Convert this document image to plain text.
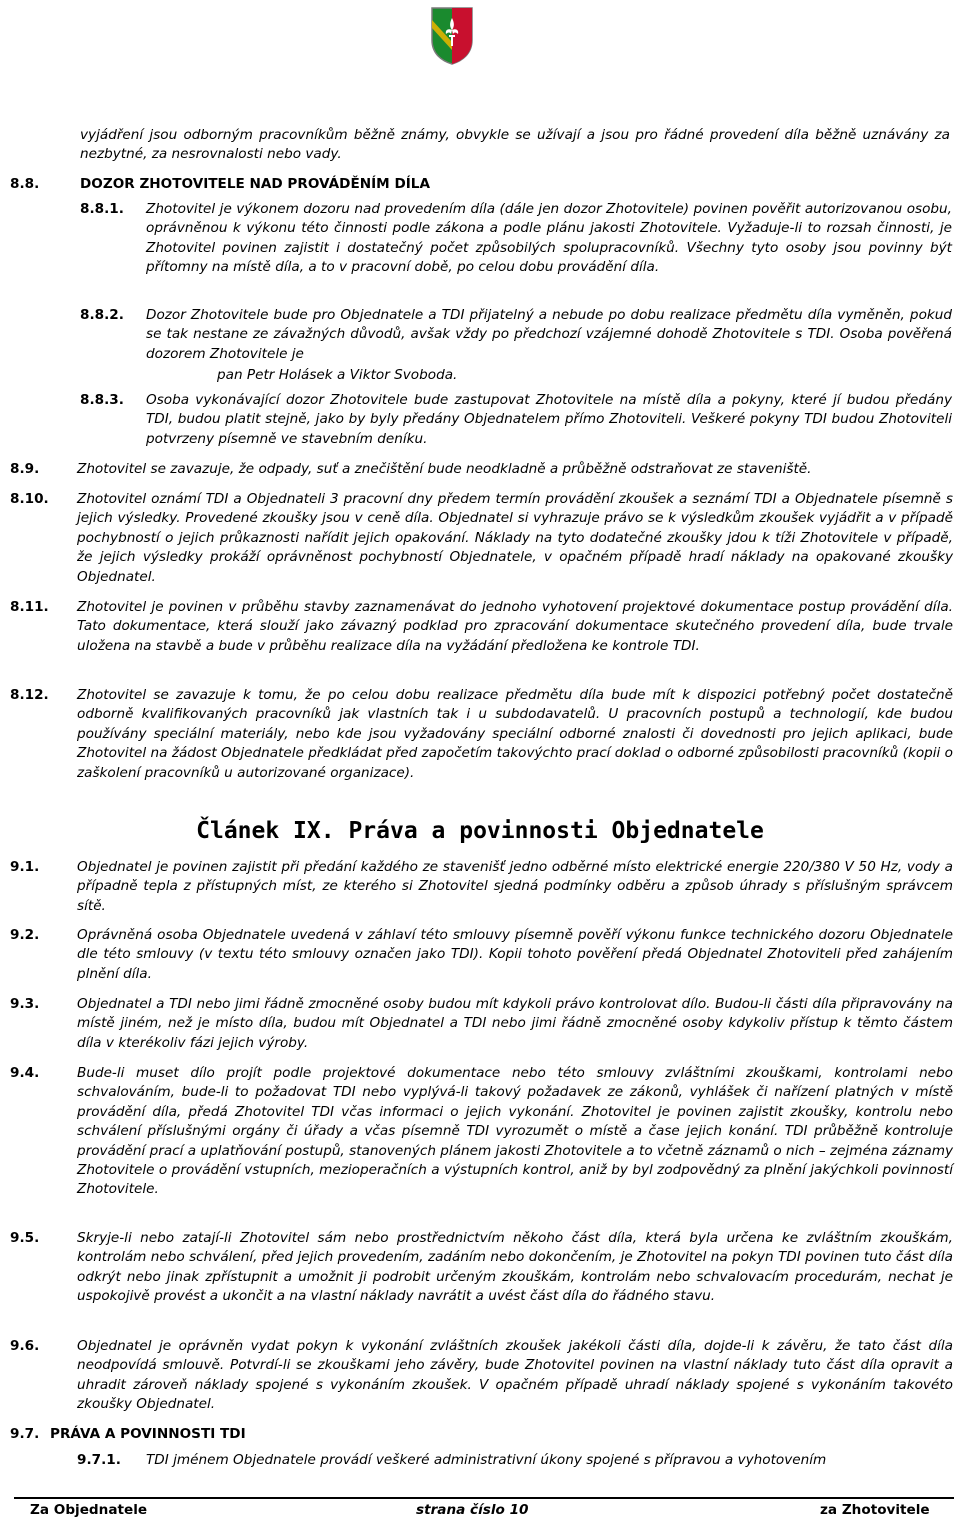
vyjádření jsou odborným pracovníkům běžně známy, obvykle se užívají a jsou pro řádné provedení díla běžně uznávány za nezbytné, za nesrovnalosti nebo vady.
8.8.	DOZOR ZHOTOVITELE NAD PROVÁDĚNÍM DÍLA
8.8.1. Zhotovitel je výkonem dozoru nad provedením díla (dále jen dozor Zhotovitele) povinen pověřit autorizovanou osobu, oprávněnou k výkonu této činnosti podle zákona a podle plánu jakosti Zhotovitele. Vyžaduje-li to rozsah činnosti, je Zhotovitel povinen zajistit i dostatečný počet způsobilých spolupracovníků. Všechny tyto osoby jsou povinny být přítomny na místě díla, a to v pracovní době, po celou dobu provádění díla.
8.8.2. Dozor Zhotovitele bude pro Objednatele a TDI přijatelný a nebude po dobu realizace předmětu díla vyměněn, pokud se tak nestane ze závažných důvodů, avšak vždy po předchozí vzájemné dohodě Zhotovitele s TDI. Osoba pověřená dozorem Zhotovitele je
pan Petr Holásek a Viktor Svoboda.
8.8.3. Osoba vykonávající dozor Zhotovitele bude zastupovat Zhotovitele na místě díla a pokyny, které jí budou předány TDI, budou platit stejně, jako by byly předány Objednatelem přímo Zhotoviteli. Veškeré pokyny TDI budou Zhotoviteli potvrzeny písemně ve stavebním deníku.
8.9.	Zhotovitel se zavazuje, že odpady, suť a znečištění bude neodkladně a průběžně odstraňovat ze staveniště.
8.10. Zhotovitel oznámí TDI a Objednateli 3 pracovní dny předem termín provádění zkoušek a seznámí TDI a Objednatele písemně s jejich výsledky. Provedené zkoušky jsou v ceně díla. Objednatel si vyhrazuje právo se k výsledkům zkoušek vyjádřit a v případě pochybností o jejich průkaznosti nařídit jejich opakování. Náklady na tyto dodatečné zkoušky jdou k tíži Zhotovitele v případě, že jejich výsledky prokáží oprávněnost pochybností Objednatele, v opačném případě hradí náklady na opakované zkoušky Objednatel.
8.11. Zhotovitel je povinen v průběhu stavby zaznamenávat do jednoho vyhotovení projektové dokumentace postup provádění díla. Tato dokumentace, která slouží jako závazný podklad pro zpracování dokumentace skutečného provedení díla, bude trvale uložena na stavbě a bude v průběhu realizace díla na vyžádání předložena ke kontrole TDI.
8.12. Zhotovitel se zavazuje k tomu, že po celou dobu realizace předmětu díla bude mít k dispozici potřebný počet dostatečně odborně kvalifikovaných pracovníků jak vlastních tak i u subdodavatelů. U pracovních postupů a technologií, kde budou používány speciální materiály, nebo kde jsou vyžadovány speciální odborné znalosti či dovednosti pro jejich aplikaci, bude Zhotovitel na žádost Objednatele předkládat před započetím takovýchto prací doklad o odborné způsobilosti pracovníků (kopii o zaškolení pracovníků u autorizované organizace).
Článek IX. Práva a povinnosti Objednatele
9.1.	Objednatel je povinen zajistit při předání každého ze stavenišť jedno odběrné místo elektrické energie 220/380 V 50 Hz, vody a případně tepla z přístupných míst, ze kterého si Zhotovitel sjedná podmínky odběru a způsob úhrady s příslušným správcem sítě.
9.2.	Oprávněná osoba Objednatele uvedená v záhlaví této smlouvy písemně pověří výkonu funkce technického dozoru Objednatele dle této smlouvy (v textu této smlouvy označen jako TDI). Kopii tohoto pověření předá Objednatel Zhotoviteli před zahájením plnění díla.
9.3.	Objednatel a TDI nebo jimi řádně zmocněné osoby budou mít kdykoli právo kontrolovat dílo. Budou-li části díla připravovány na místě jiném, než je místo díla, budou mít Objednatel a TDI nebo jimi řádně zmocněné osoby kdykoliv přístup k těmto částem díla v kterékoliv fázi jejich výroby.
9.4.	Bude-li muset dílo projít podle projektové dokumentace nebo této smlouvy zvláštními zkouškami, kontrolami nebo schvalováním, bude-li to požadovat TDI nebo vyplývá-li takový požadavek ze zákonů, vyhlášek či nařízení platných v místě provádění díla, předá Zhotovitel TDI včas informaci o jejich vykonání. Zhotovitel je povinen zajistit zkoušky, kontrolu nebo schválení příslušnými orgány či úřady a včas písemně TDI vyrozumět o místě a čase jejich konání. TDI průběžně kontroluje provádění prací a uplatňování postupů, stanovených plánem jakosti Zhotovitele a to včetně záznamů o nich – zejména záznamy Zhotovitele o provádění vstupních, mezioperačních a výstupních kontrol, aniž by byl zodpovědný za plnění jakýchkoli povinností Zhotovitele.
9.5.	Skryje-li nebo zatají-li Zhotovitel sám nebo prostřednictvím někoho část díla, která byla určena ke zvláštním zkouškám, kontrolám nebo schválení, před jejich provedením, zadáním nebo dokončením, je Zhotovitel na pokyn TDI povinen tuto část díla odkrýt nebo jinak zpřístupnit a umožnit ji podrobit určeným zkouškám, kontrolám nebo schvalovacím procedurám, nechat je uspokojivě provést a ukončit a na vlastní náklady navrátit a uvést část díla do řádného stavu.
9.6.	Objednatel je oprávněn vydat pokyn k vykonání zvláštních zkoušek jakékoli části díla, dojde-li k závěru, že tato část díla neodpovídá smlouvě. Potvrdí-li se zkouškami jeho závěry, bude Zhotovitel povinen na vlastní náklady tuto část díla opravit a uhradit zároveň náklady spojené s vykonáním zkoušek. V opačném případě uhradí náklady spojené s vykonáním takovéto zkoušky Objednatel.
9.7. PRÁVA A POVINNOSTI TDI
9.7.1. TDI jménem Objednatele provádí veškeré administrativní úkony spojené s přípravou a vyhotovením
Za Objednatele	strana číslo 10	za Zhotovitele
